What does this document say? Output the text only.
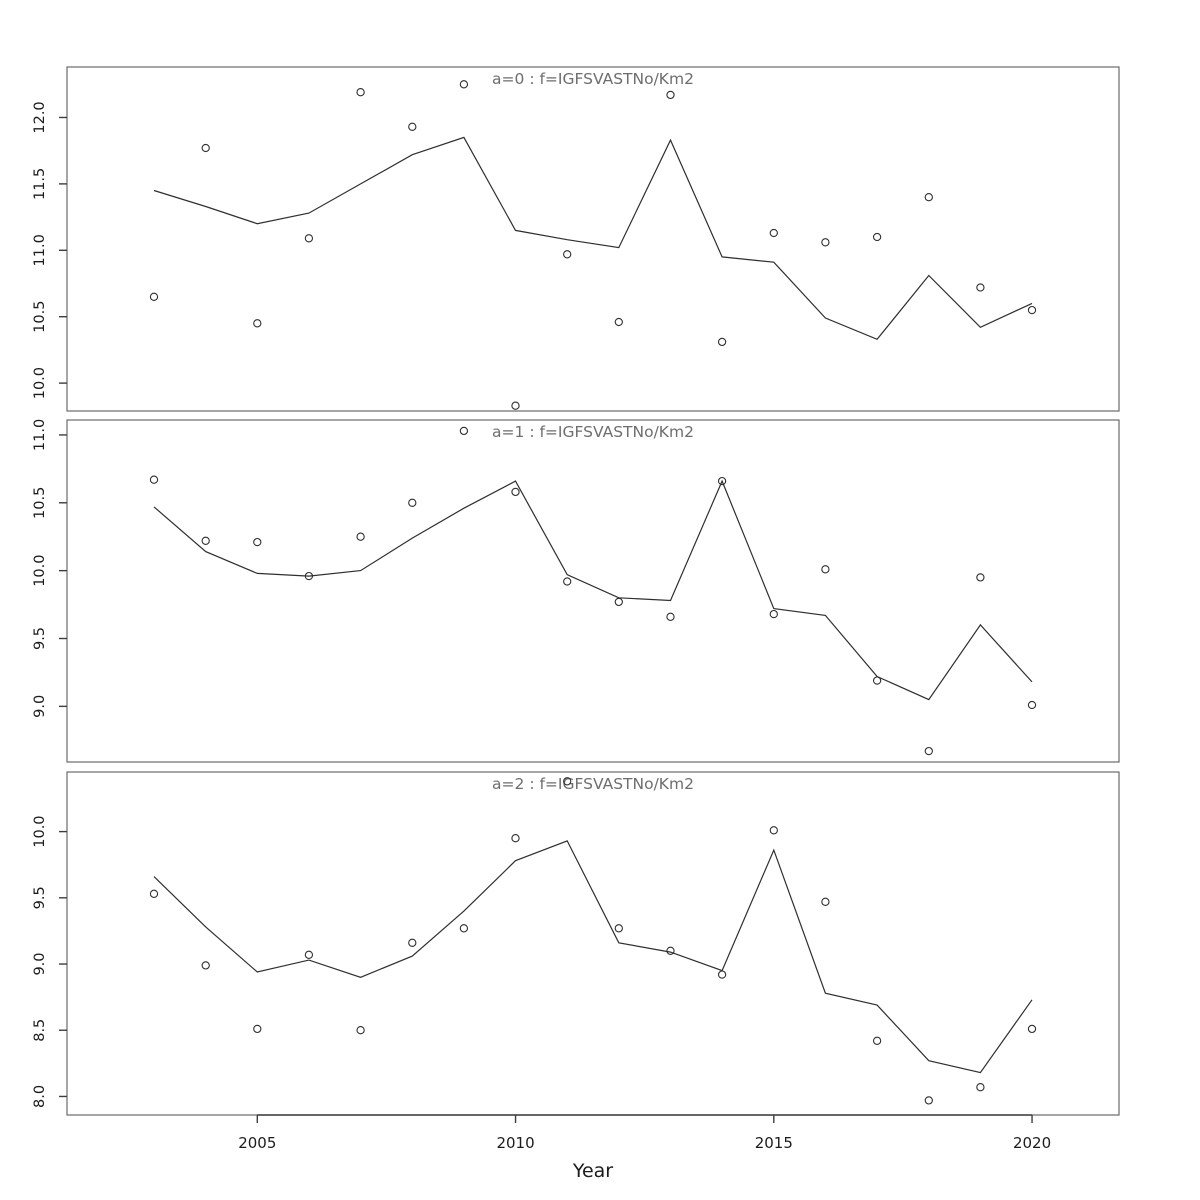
10.0
10.5
11.0
11.5
12.0
a=0 : f=IGFSVASTNo/Km2
9.0
9.5
10.0
10.5
11.0	a=1 : f=IGFSVASTNo/Km2
8.0
8.5
9.0
9.5
10.0
a=2 : f=IGFSVASTNo/Km2
2005	2010	2015	2020
Year
